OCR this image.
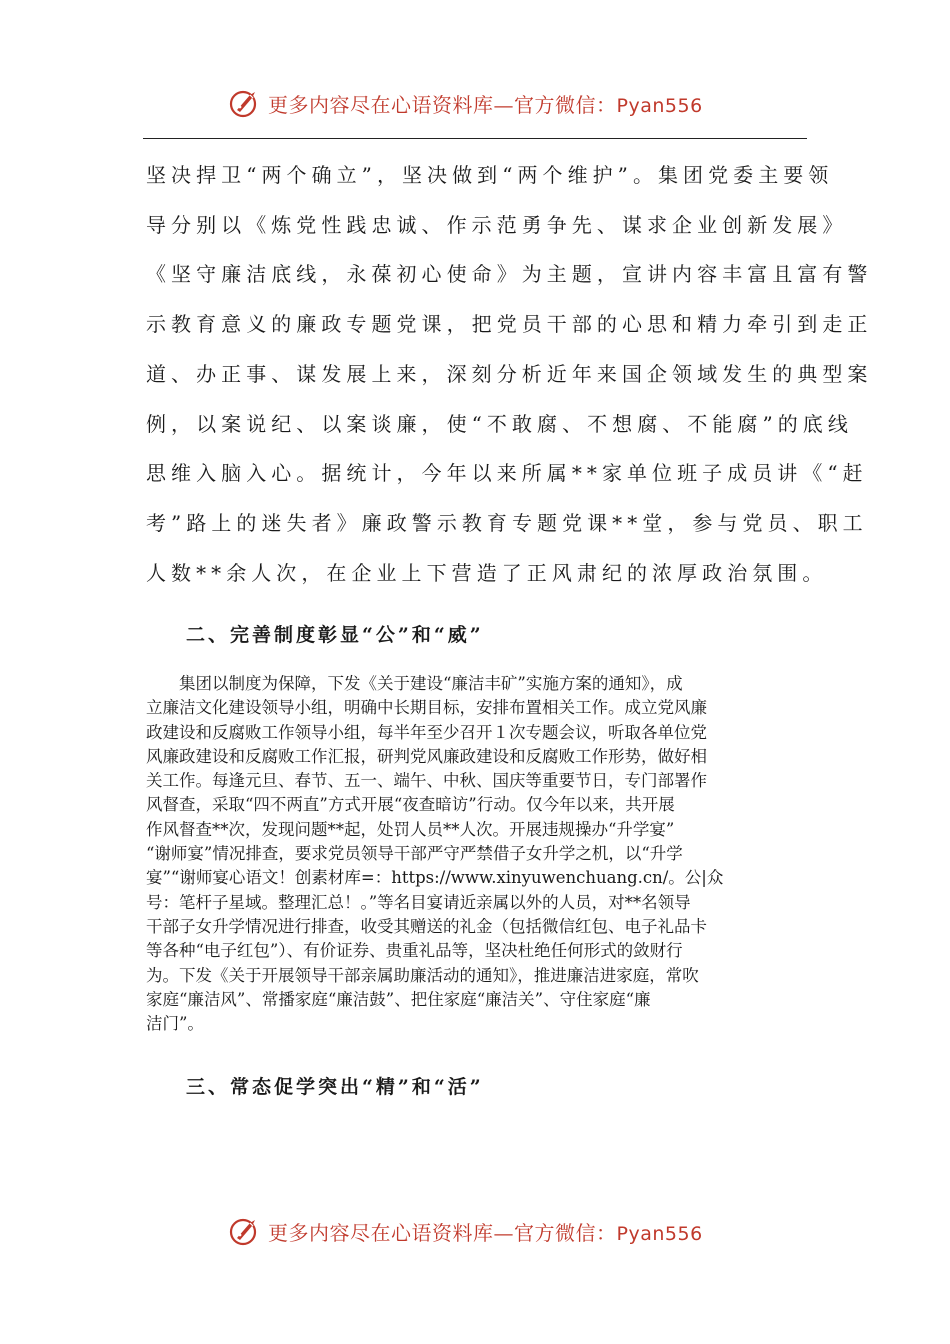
更多内容尽在心语资料库—官方微信：Pyan556

坚决捍卫“两个确立”，坚决做到“两个维护”。集团党委主要领

导分别以《炼党性践忠诚、作示范勇争先、谋求企业创新发展》

《坚守廉洁底线，永葆初心使命》为主题，宣讲内容丰富且富有警

示教育意义的廉政专题党课，把党员干部的心思和精力牵引到走正

道、办正事、谋发展上来，深刻分析近年来国企领域发生的典型案

例，以案说纪、以案谈廉，使“不敢腐、不想腐、不能腐”的底线

思维入脑入心。据统计，今年以来所属**家单位班子成员讲《“赶

考”路上的迷失者》廉政警示教育专题党课**堂，参与党员、职工

人数**余人次，在企业上下营造了正风肃纪的浓厚政治氛围。

二、完善制度彰显“公”和“威”

　　集团以制度为保障，下发《关于建设“廉洁丰矿”实施方案的通知》，成

立廉洁文化建设领导小组，明确中长期目标，安排布置相关工作。成立党风廉

政建设和反腐败工作领导小组，每半年至少召开１次专题会议，听取各单位党

风廉政建设和反腐败工作汇报，研判党风廉政建设和反腐败工作形势，做好相

关工作。每逢元旦、春节、五一、端午、中秋、国庆等重要节日，专门部署作

风督查，采取“四不两直”方式开展“夜查暗访”行动。仅今年以来，共开展

作风督查**次，发现问题**起，处罚人员**人次。开展违规操办“升学宴”

“谢师宴”情况排查，要求党员领导干部严守严禁借子女升学之机，以“升学

宴”“谢师宴心语文！创素材库=：https://www.xinyuwenchuang.cn/。公|众

号：笔杆子星域。整理汇总！。”等名目宴请近亲属以外的人员，对**名领导

干部子女升学情况进行排查，收受其赠送的礼金（包括微信红包、电子礼品卡

等各种“电子红包”）、有价证券、贵重礼品等，坚决杜绝任何形式的敛财行

为。下发《关于开展领导干部亲属助廉活动的通知》，推进廉洁进家庭，常吹

家庭“廉洁风”、常播家庭“廉洁鼓”、把住家庭“廉洁关”、守住家庭“廉

洁门”。

三、常态促学突出“精”和“活”
更多内容尽在心语资料库—官方微信：Pyan556
